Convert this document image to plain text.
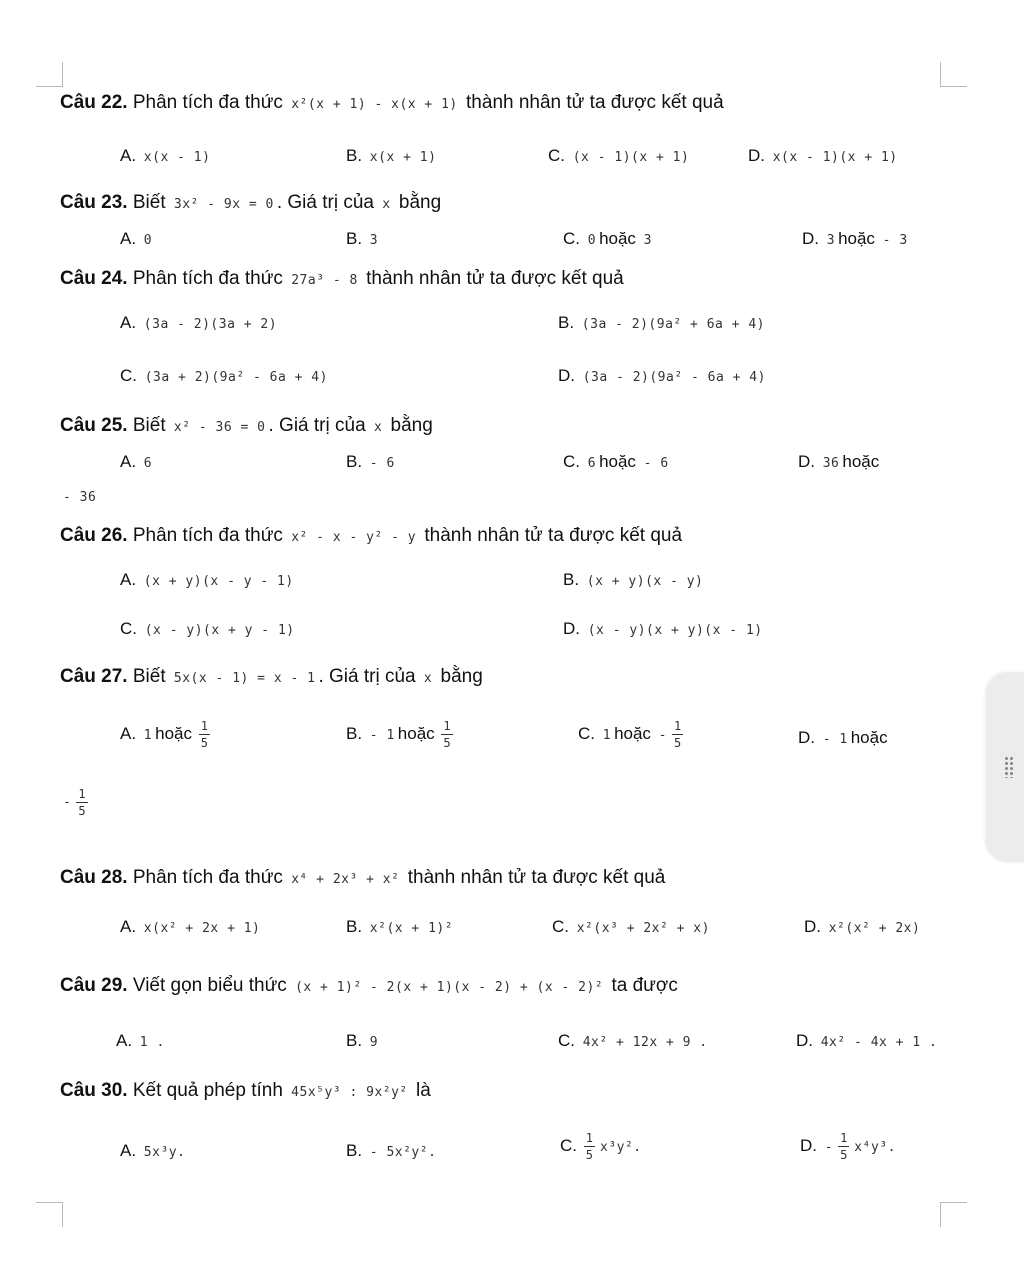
Câu 22. Phân tích đa thức x²(x + 1) - x(x + 1) thành nhân tử ta được kết quả
A. x(x - 1)	B. x(x + 1)	C. (x - 1)(x + 1)	D. x(x - 1)(x + 1)
Câu 23. Biết 3x² - 9x = 0 . Giá trị của x bằng
A. 0	B. 3	C. 0 hoặc 3	D. 3 hoặc - 3
Câu 24. Phân tích đa thức 27a³ - 8 thành nhân tử ta được kết quả
A. (3a - 2)(3a + 2)	B. (3a - 2)(9a² + 6a + 4)
C. (3a + 2)(9a² - 6a + 4)	D. (3a - 2)(9a² - 6a + 4)
Câu 25. Biết x² - 36 = 0 . Giá trị của x bằng
A. 6	B. - 6	C. 6 hoặc - 6	D. 36 hoặc
- 36
Câu 26. Phân tích đa thức x² - x - y² - y thành nhân tử ta được kết quả
A. (x + y)(x - y - 1)	B. (x + y)(x - y)
C. (x - y)(x + y - 1)	D. (x - y)(x + y)(x - 1)
Câu 27. Biết 5x(x - 1) = x - 1 . Giá trị của x bằng
A. 1 hoặc $\frac{1}{5}$	B. - 1 hoặc $\frac{1}{5}$	C. 1 hoặc - $\frac{1}{5}$	D. - 1 hoặc
- $\frac{1}{5}$
Câu 28. Phân tích đa thức x⁴ + 2x³ + x² thành nhân tử ta được kết quả
A. x(x² + 2x + 1)	B. x²(x + 1)²	C. x²(x³ + 2x² + x)	D. x²(x² + 2x)
Câu 29. Viết gọn biểu thức (x + 1)² - 2(x + 1)(x - 2) + (x - 2)² ta được
A. 1 .	B. 9	C. 4x² + 12x + 9 .	D. 4x² - 4x + 1 .
Câu 30. Kết quả phép tính 45x⁵y³ : 9x²y² là
A. 5x³y.	B. - 5x²y².	C. $\frac{1}{5} x^3y^2$.	D. - $\frac{1}{5} x^4y^3$.
